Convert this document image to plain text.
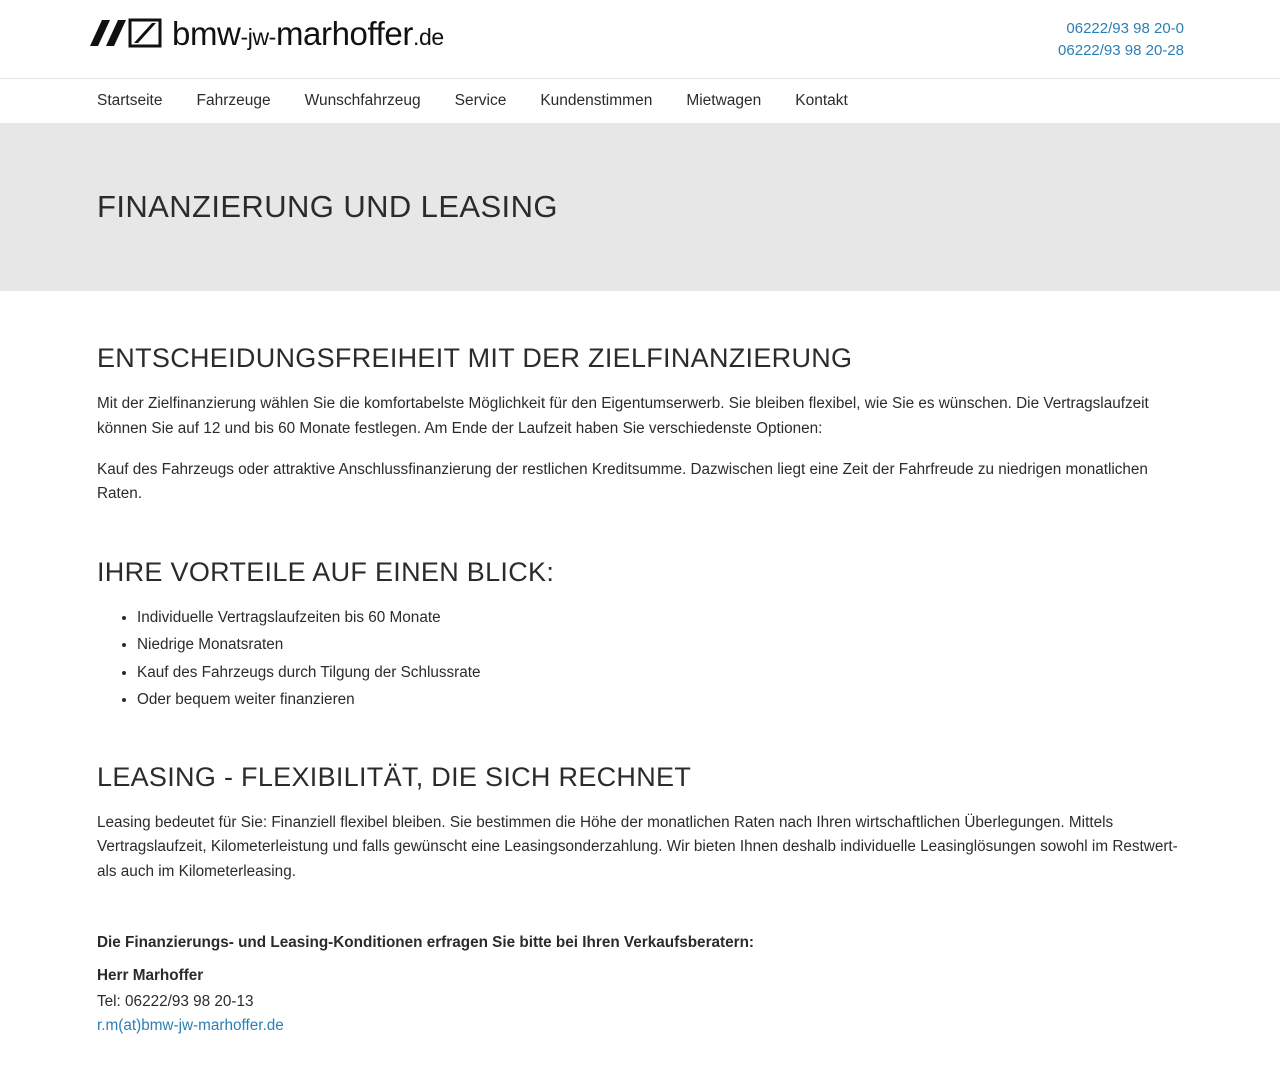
bmw-jw-marhoffer.de	06222/93 98 20-0
06222/93 98 20-28
Startseite	Fahrzeuge	Wunschfahrzeug	Service	Kundenstimmen	Mietwagen	Kontakt
FINANZIERUNG UND LEASING
ENTSCHEIDUNGSFREIHEIT MIT DER ZIELFINANZIERUNG

Mit der Zielfinanzierung wählen Sie die komfortabelste Möglichkeit für den Eigentumserwerb. Sie bleiben flexibel, wie Sie es wünschen. Die Vertragslaufzeit können Sie auf 12 und bis 60 Monate festlegen. Am Ende der Laufzeit haben Sie verschiedenste Optionen:

Kauf des Fahrzeugs oder attraktive Anschlussfinanzierung der restlichen Kreditsumme. Dazwischen liegt eine Zeit der Fahrfreude zu niedrigen monatlichen Raten.

IHRE VORTEILE AUF EINEN BLICK:
• Individuelle Vertragslaufzeiten bis 60 Monate
• Niedrige Monatsraten
• Kauf des Fahrzeugs durch Tilgung der Schlussrate
• Oder bequem weiter finanzieren
LEASING - FLEXIBILITÄT, DIE SICH RECHNET

Leasing bedeutet für Sie: Finanziell flexibel bleiben. Sie bestimmen die Höhe der monatlichen Raten nach Ihren wirtschaftlichen Überlegungen. Mittels Vertragslaufzeit, Kilometerleistung und falls gewünscht eine Leasingsonderzahlung. Wir bieten Ihnen deshalb individuelle Leasinglösungen sowohl im Restwert- als auch im Kilometerleasing.

Die Finanzierungs- und Leasing-Konditionen erfragen Sie bitte bei Ihren Verkaufsberatern:

Herr Marhoffer

Tel: 06222/93 98 20-13

r.m(at)bmw-jw-marhoffer.de
